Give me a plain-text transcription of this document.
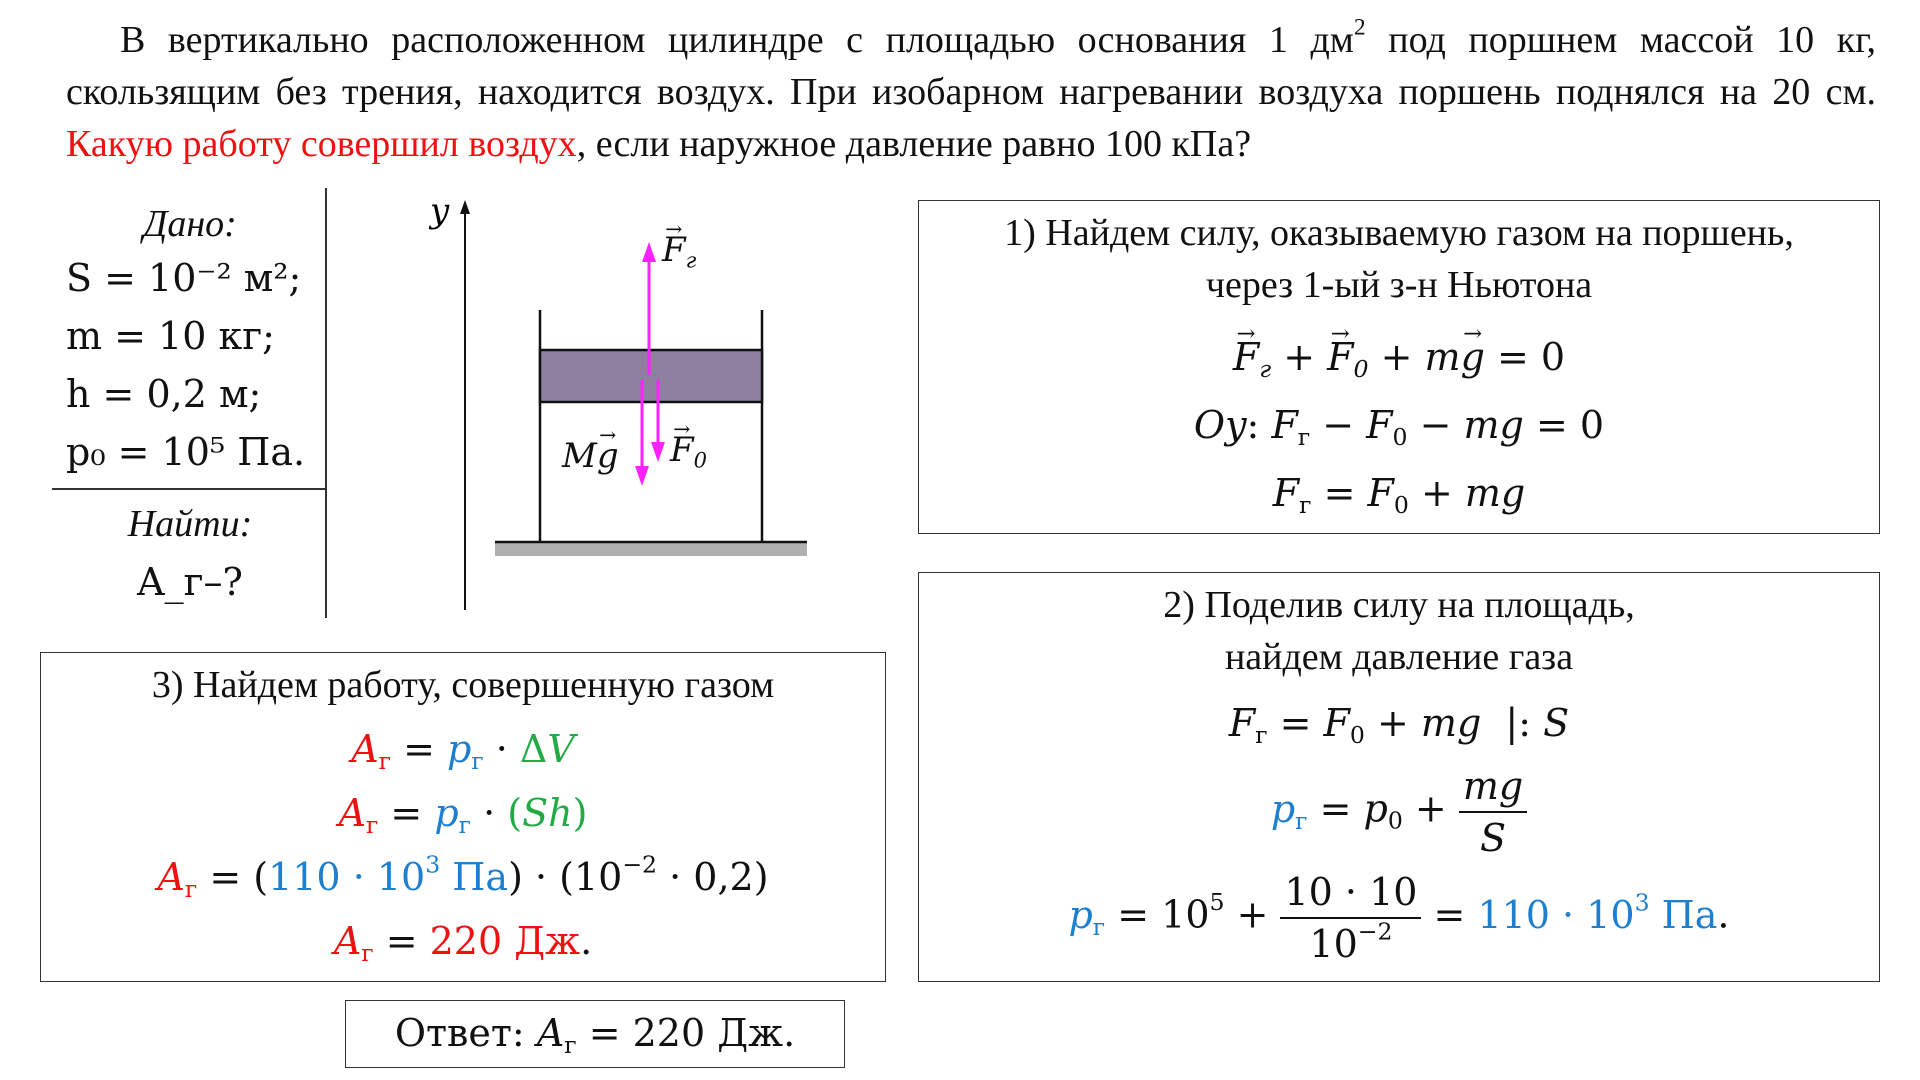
В вертикально расположенном цилиндре с площадью основания 1 $дм^2$ под поршнем массой 10 кг, скользящим без трения, находится воздух. При изобарном нагревании воздуха поршень поднялся на 20 см. Какую работу совершил воздух, если наружное давление равно 100 кПа?
Дано:
S = 10⁻² м²;
m = 10 кг;
h = 0,2 м;
p₀ = 10⁵ Па.
Найти:
A_г–?
y
→ $F_г$
M→ g
→ $F_0$
1) Найдем силу, оказываемую газом на поршень,
через 1-ый з-н Ньютона
→ $F_г$ + → $F_0 + m\to g = 0$
Oy: $F_г - F_0$ − mg = 0
$F_г = F_0$ + mg
2) Поделив силу на площадь,
найдем давление газа
$F_г = F_0$ + mg  |: S
$p_г = p_0 + \frac{mg}{S}$
$p_г = 10^5 + \frac{10 \cdot 10}{10^{-2}} = 110 \cdot 10^3$ Па.
3) Найдем работу, совершенную газом
$A_г = p_г \cdot \Delta V$
$A_г = p_г \cdot (Sh)$
$A_г = (110 \cdot 10^3$ $Па) \cdot (10^{-2} \cdot 0,2)$
$A_г = 220$ Дж.
Ответ: $A_г = 220$ Дж.
